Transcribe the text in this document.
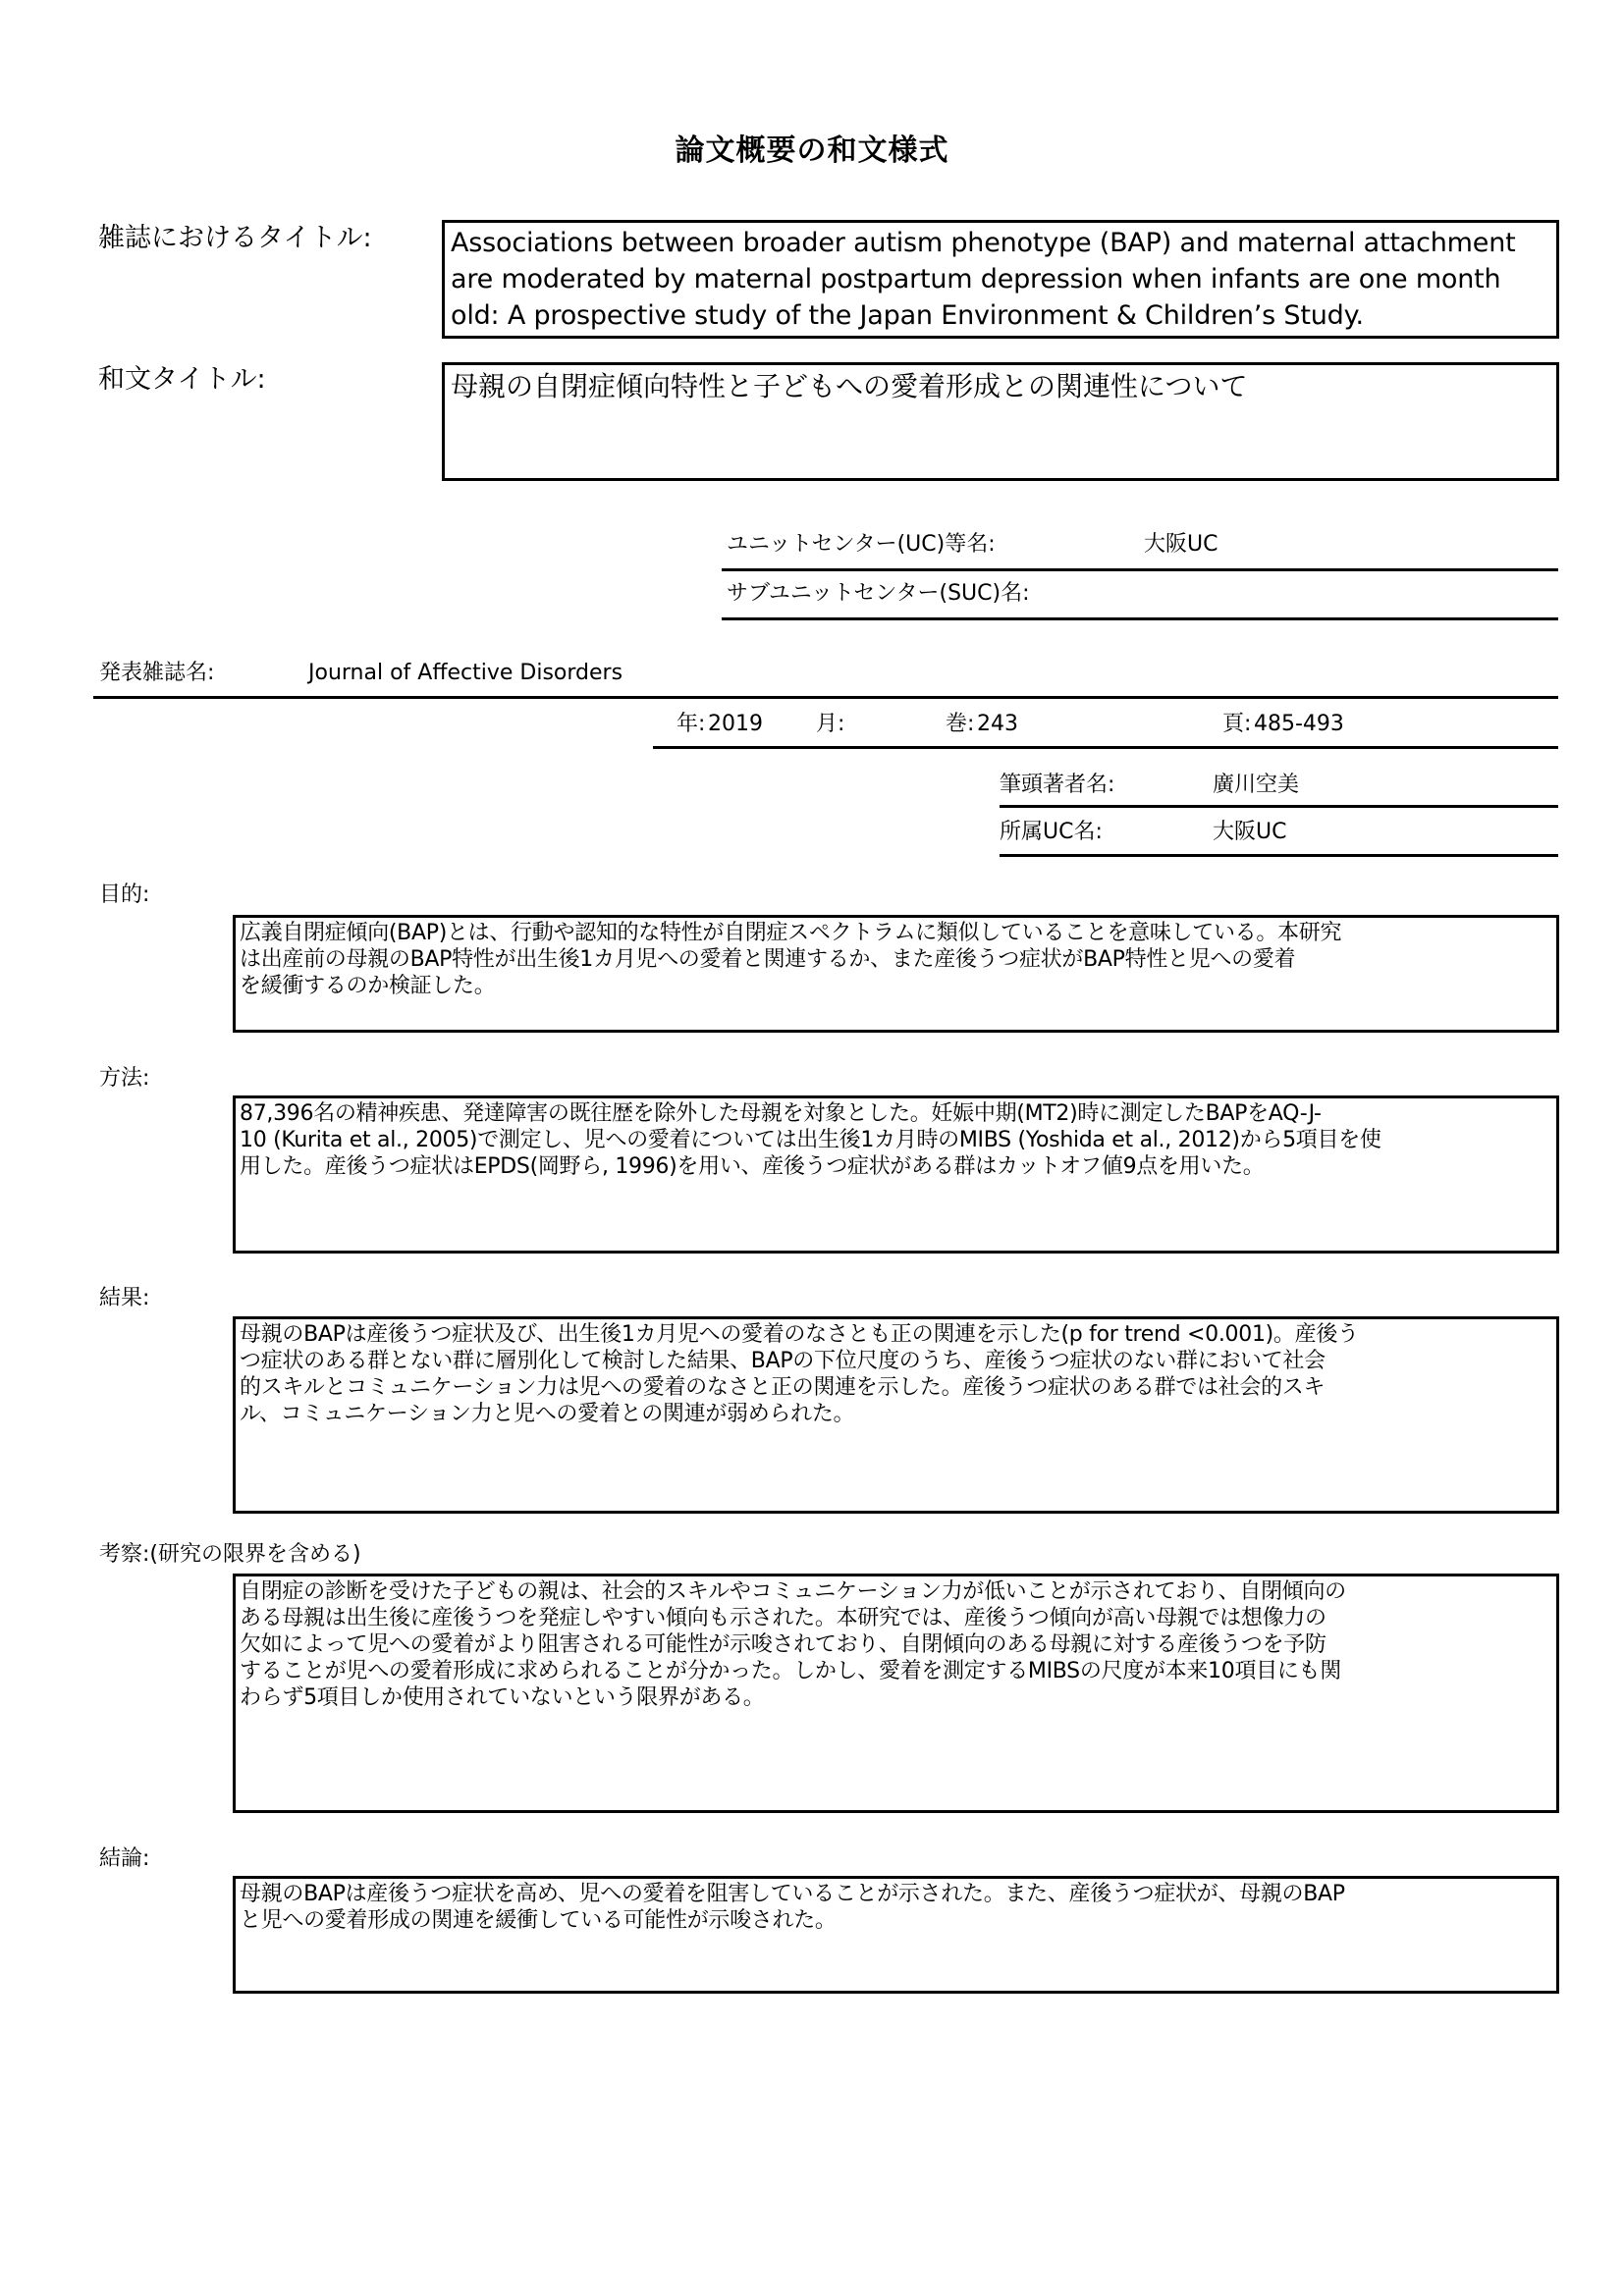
論文概要の和文様式
雑誌におけるタイトル:	Associations between broader autism phenotype (BAP) and maternal attachment
are moderated by maternal postpartum depression when infants are one month
old: A prospective study of the Japan Environment & Children’s Study.
和文タイトル:	母親の自閉症傾向特性と子どもへの愛着形成との関連性について
ユニットセンター(UC)等名:	大阪UC
サブユニットセンター(SUC)名:
発表雑誌名:	Journal of Affective Disorders
年: 2019 月:	巻: 243	頁: 485-493
筆頭著者名:	廣川空美
所属UC名:	大阪UC
目的:
広義自閉症傾向(BAP)とは、行動や認知的な特性が自閉症スペクトラムに類似していることを意味している。本研究
は出産前の母親のBAP特性が出生後1カ月児への愛着と関連するか、また産後うつ症状がBAP特性と児への愛着
を緩衝するのか検証した。
方法:
87,396名の精神疾患、発達障害の既往歴を除外した母親を対象とした。妊娠中期(MT2)時に測定したBAPをAQ-J-
10 (Kurita et al., 2005)で測定し、児への愛着については出生後1カ月時のMIBS (Yoshida et al., 2012)から5項目を使
用した。産後うつ症状はEPDS(岡野ら, 1996)を用い、産後うつ症状がある群はカットオフ値9点を用いた。
結果:
母親のBAPは産後うつ症状及び、出生後1カ月児への愛着のなさとも正の関連を示した(p for trend <0.001)。産後う
つ症状のある群とない群に層別化して検討した結果、BAPの下位尺度のうち、産後うつ症状のない群において社会
的スキルとコミュニケーション力は児への愛着のなさと正の関連を示した。産後うつ症状のある群では社会的スキ
ル、コミュニケーション力と児への愛着との関連が弱められた。
考察:(研究の限界を含める)
自閉症の診断を受けた子どもの親は、社会的スキルやコミュニケーション力が低いことが示されており、自閉傾向の
ある母親は出生後に産後うつを発症しやすい傾向も示された。本研究では、産後うつ傾向が高い母親では想像力の
欠如によって児への愛着がより阻害される可能性が示唆されており、自閉傾向のある母親に対する産後うつを予防
することが児への愛着形成に求められることが分かった。しかし、愛着を測定するMIBSの尺度が本来10項目にも関
わらず5項目しか使用されていないという限界がある。
結論:
母親のBAPは産後うつ症状を高め、児への愛着を阻害していることが示された。また、産後うつ症状が、母親のBAP
と児への愛着形成の関連を緩衝している可能性が示唆された。
